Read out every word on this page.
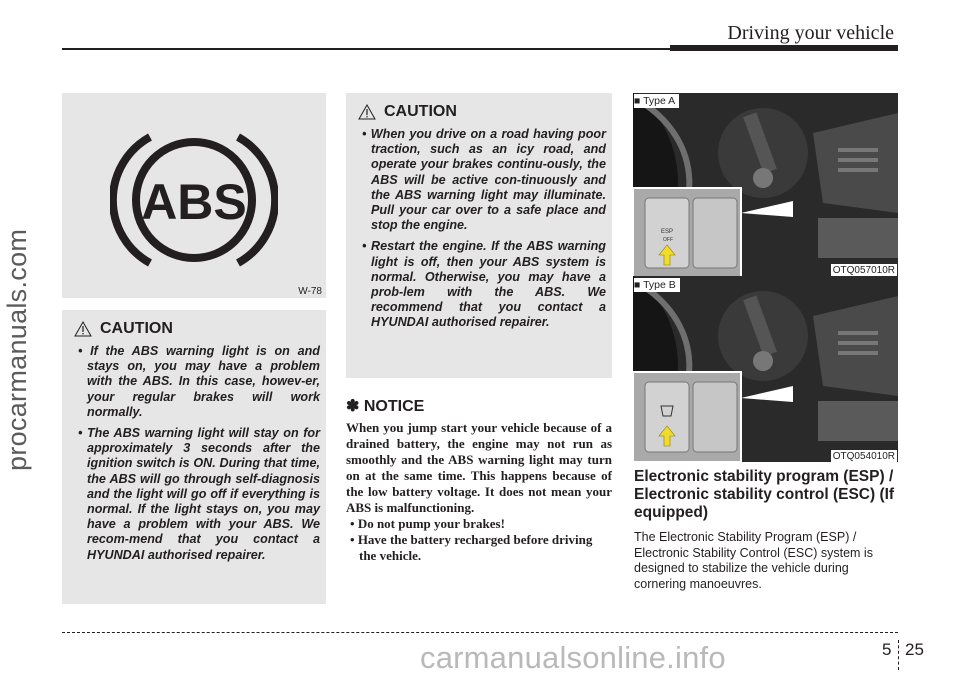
Driving your vehicle
procarmanuals.com
carmanualsonline.info
ABS
W-78
CAUTION
• If the ABS warning light is on and stays on, you may have a problem with the ABS. In this case, howev-er, your regular brakes will work normally.
• The ABS warning light will stay on for approximately 3 seconds after the ignition switch is ON. During that time, the ABS will go through self-diagnosis and the light will go off if everything is normal. If the light stays on, you may have a problem with your ABS. We recom-mend that you contact a HYUNDAI authorised repairer.
CAUTION
• When you drive on a road having poor traction, such as an icy road, and operate your brakes continu-ously, the ABS will be active con-tinuously and the ABS warning light may illuminate. Pull your car over to a safe place and stop the engine.
• Restart the engine. If the ABS warning light is off, then your ABS system is normal. Otherwise, you may have a prob-lem with the ABS. We recommend that you contact a HYUNDAI authorised repairer.
✽ NOTICE
When you jump start your vehicle because of a drained battery, the engine may not run as smoothly and the ABS warning light may turn on at the same time. This happens because of the low battery voltage. It does not mean your ABS is malfunctioning.
• Do not pump your brakes!
• Have the battery recharged before driving the vehicle.
ESP
OFF
■ Type A
OTQ057010R
■ Type B
OTQ054010R
Electronic stability program (ESP) / Electronic stability control (ESC) (If equipped)
The Electronic Stability Program (ESP) / Electronic Stability Control (ESC) system is designed to stabilize the vehicle during cornering manoeuvres.
5 25
